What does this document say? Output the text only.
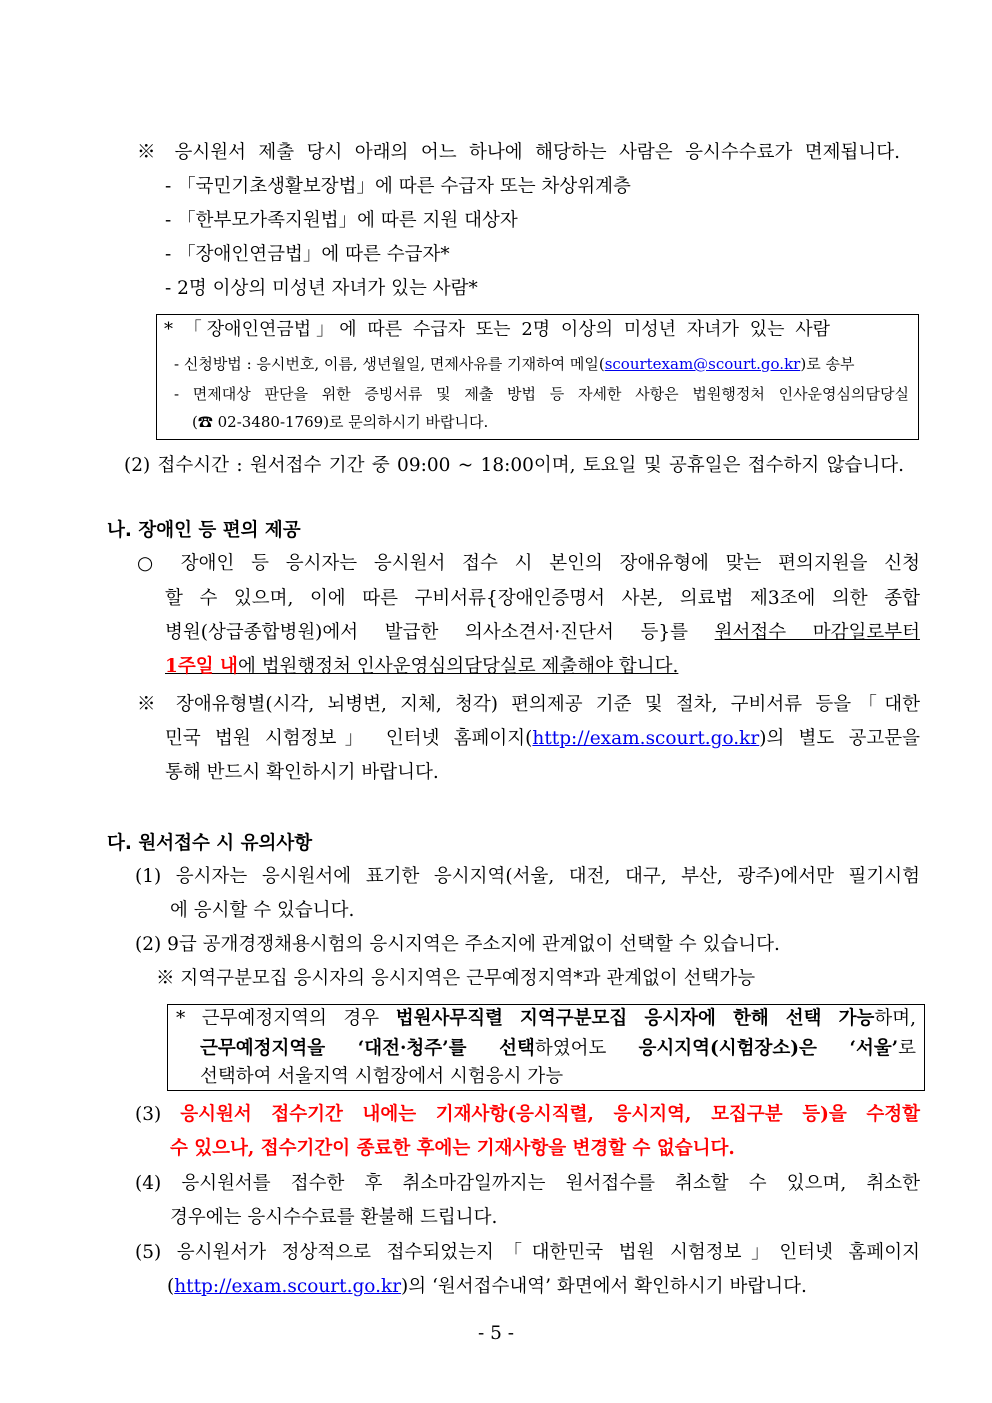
※ 응시원서 제출 당시 아래의 어느 하나에 해당하는 사람은 응시수수료가 면제됩니다.
- 「국민기초생활보장법」에 따른 수급자 또는 차상위계층
- 「한부모가족지원법」에 따른 지원 대상자
- 「장애인연금법」에 따른 수급자*
- 2명 이상의 미성년 자녀가 있는 사람*
* 「장애인연금법」에 따른 수급자 또는 2명 이상의 미성년 자녀가 있는 사람
- 신청방법 : 응시번호, 이름, 생년월일, 면제사유를 기재하여 메일(scourtexam@scourt.go.kr)로 송부
- 면제대상 판단을 위한 증빙서류 및 제출 방법 등 자세한 사항은 법원행정처 인사운영심의담당실
(☎ 02-3480-1769)로 문의하시기 바랍니다.
(2) 접수시간 : 원서접수 기간 중 09:00 ~ 18:00이며, 토요일 및 공휴일은 접수하지 않습니다.
나. 장애인 등 편의 제공
○ 장애인 등 응시자는 응시원서 접수 시 본인의 장애유형에 맞는 편의지원을 신청
할 수 있으며, 이에 따른 구비서류{장애인증명서 사본, 의료법 제3조에 의한 종합
병원(상급종합병원)에서 발급한 의사소견서·진단서 등}를 원서접수 마감일로부터
1주일 내에 법원행정처 인사운영심의담당실로 제출해야 합니다.
※ 장애유형별(시각, 뇌병변, 지체, 청각) 편의제공 기준 및 절차, 구비서류 등을「대한
민국 법원 시험정보」 인터넷 홈페이지(http://exam.scourt.go.kr)의 별도 공고문을
통해 반드시 확인하시기 바랍니다.
다. 원서접수 시 유의사항
(1) 응시자는 응시원서에 표기한 응시지역(서울, 대전, 대구, 부산, 광주)에서만 필기시험
에 응시할 수 있습니다.
(2) 9급 공개경쟁채용시험의 응시지역은 주소지에 관계없이 선택할 수 있습니다.
※ 지역구분모집 응시자의 응시지역은 근무예정지역*과 관계없이 선택가능
* 근무예정지역의 경우 법원사무직렬 지역구분모집 응시자에 한해 선택 가능하며,
근무예정지역을 ‘대전·청주’를 선택하였어도 응시지역(시험장소)은 ‘서울’로
선택하여 서울지역 시험장에서 시험응시 가능
(3) 응시원서 접수기간 내에는 기재사항(응시직렬, 응시지역, 모집구분 등)을 수정할
수 있으나, 접수기간이 종료한 후에는 기재사항을 변경할 수 없습니다.
(4) 응시원서를 접수한 후 취소마감일까지는 원서접수를 취소할 수 있으며, 취소한
경우에는 응시수수료를 환불해 드립니다.
(5) 응시원서가 정상적으로 접수되었는지「대한민국 법원 시험정보」인터넷 홈페이지
(http://exam.scourt.go.kr)의 ‘원서접수내역’ 화면에서 확인하시기 바랍니다.
- 5 -
